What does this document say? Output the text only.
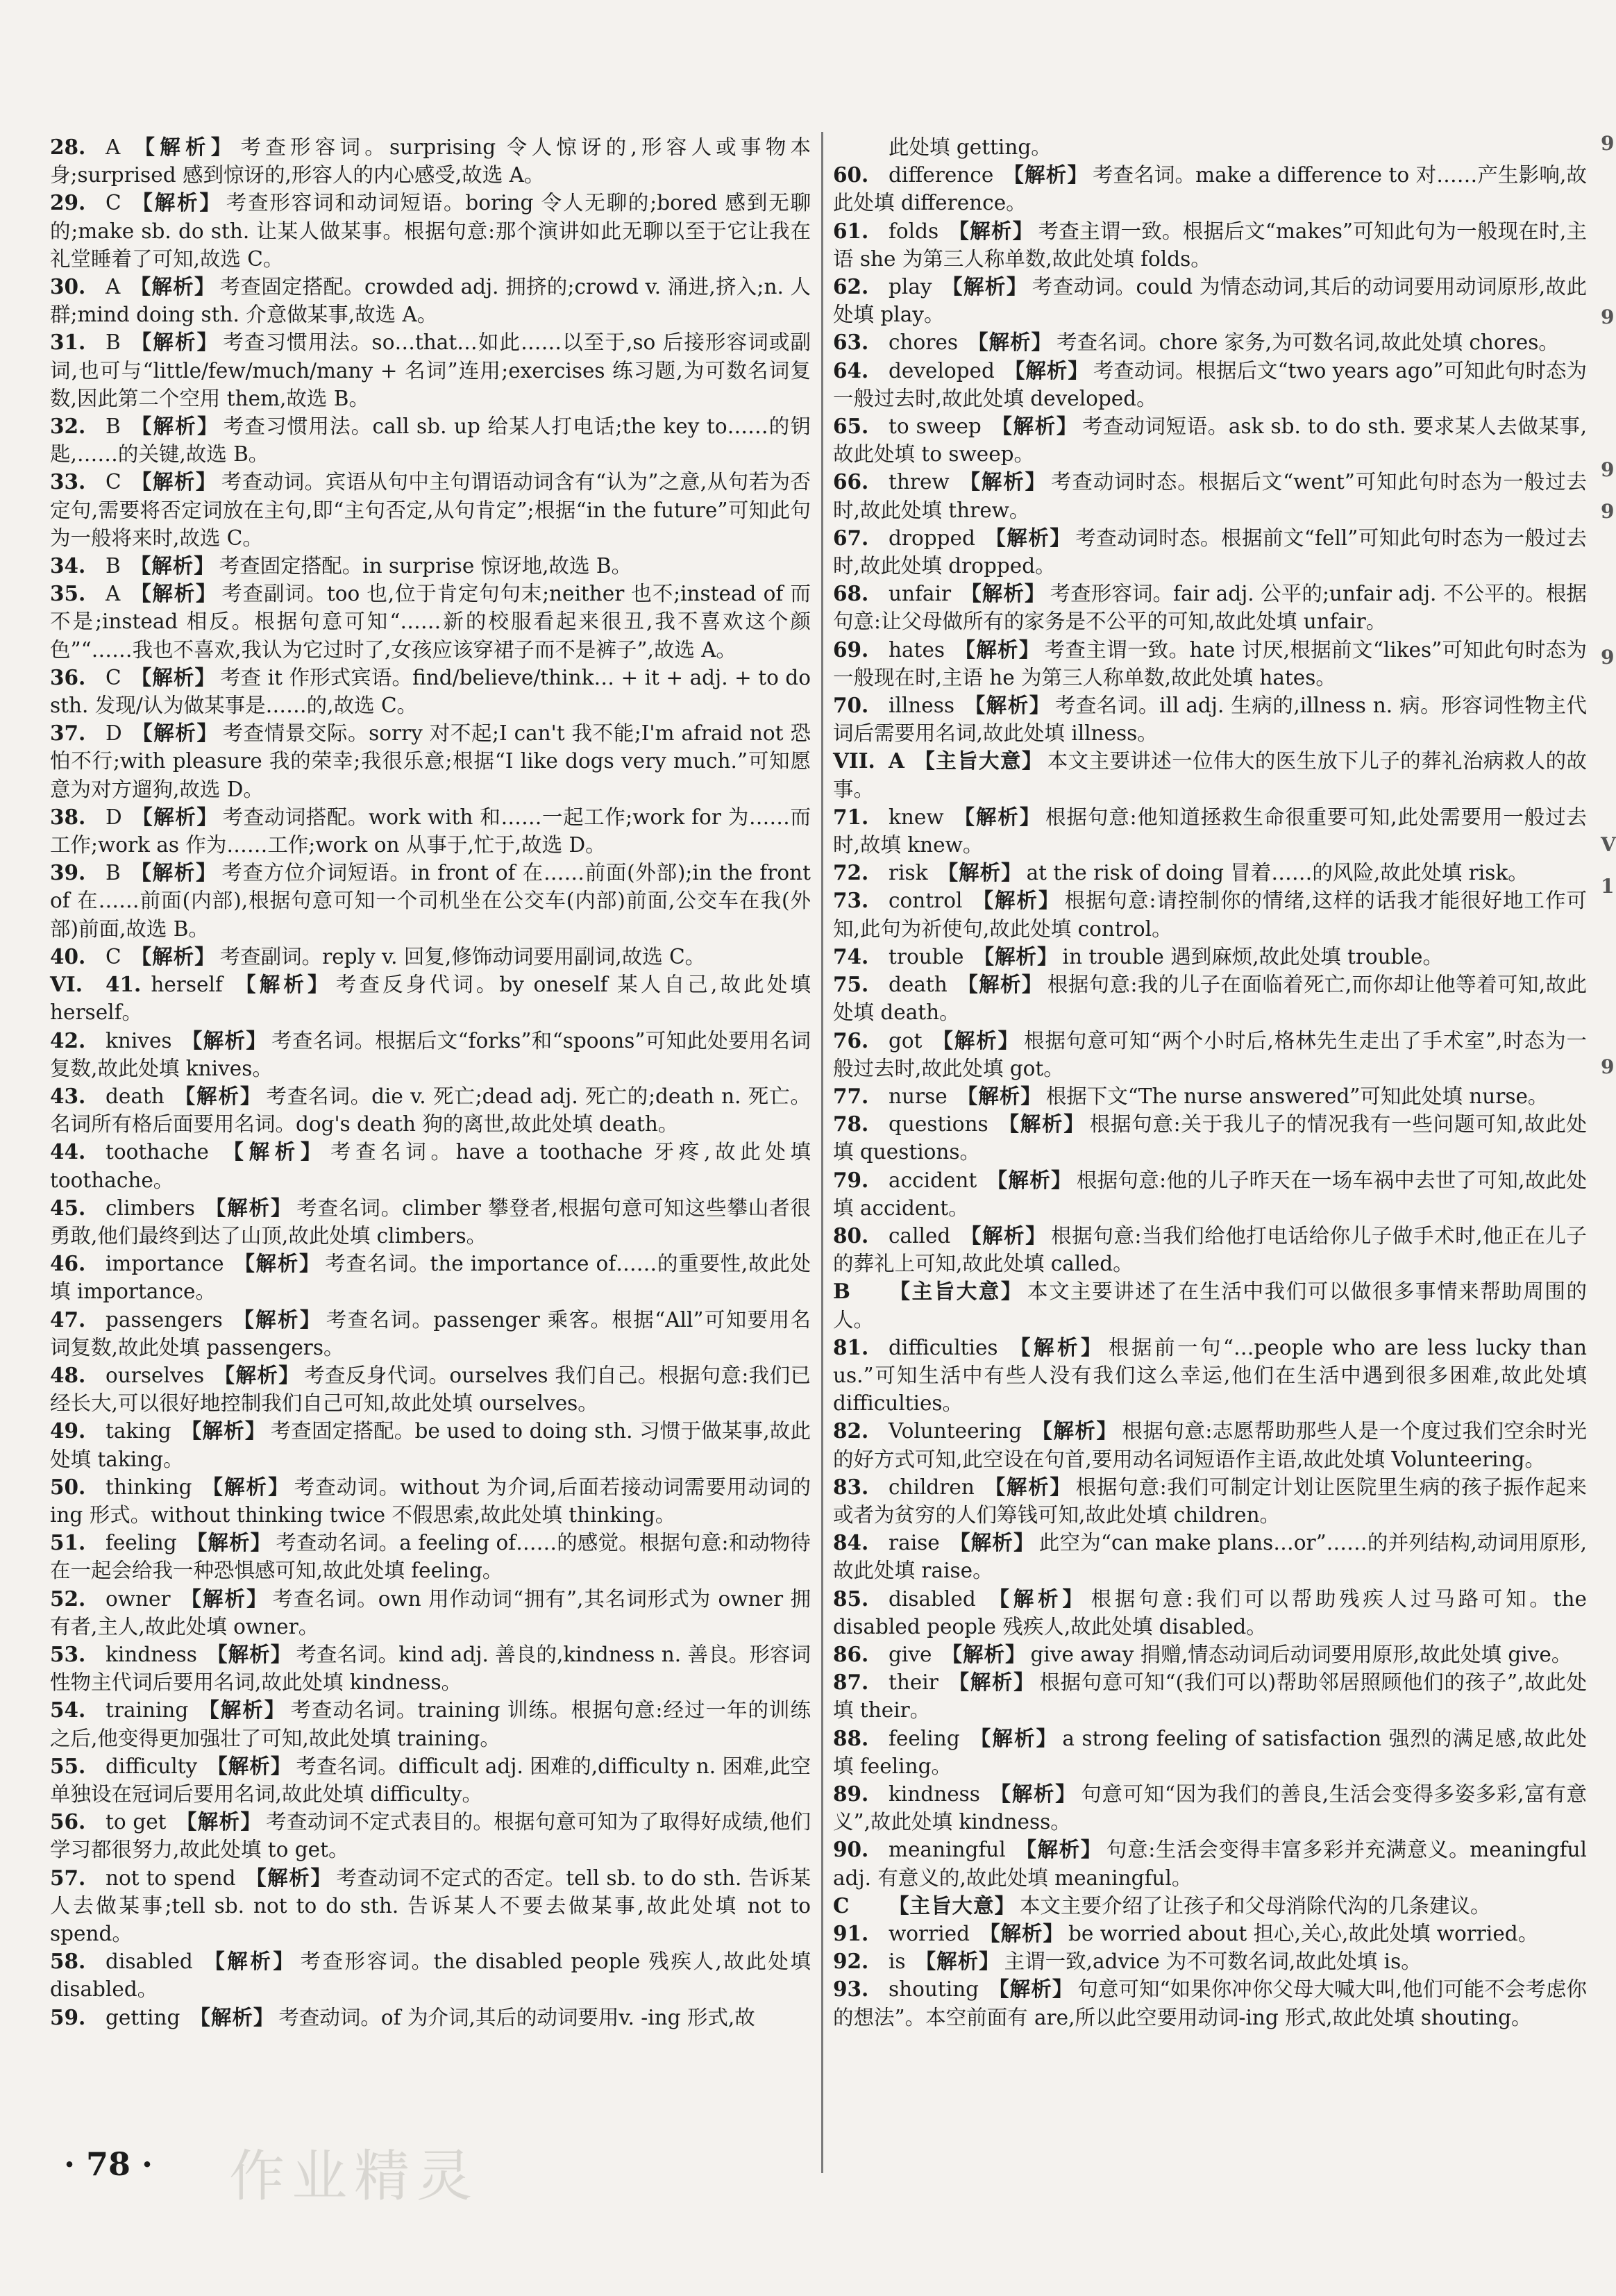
28. A 【解析】 考查形容词。surprising 令人惊讶的,形容人或事物本身;surprised 感到惊讶的,形容人的内心感受,故选 A。

29. C 【解析】 考查形容词和动词短语。boring 令人无聊的;bored 感到无聊的;make sb. do sth. 让某人做某事。根据句意:那个演讲如此无聊以至于它让我在礼堂睡着了可知,故选 C。

30. A 【解析】 考查固定搭配。crowded adj. 拥挤的;crowd v. 涌进,挤入;n. 人群;mind doing sth. 介意做某事,故选 A。

31. B 【解析】 考查习惯用法。so…that…如此……以至于,so 后接形容词或副词,也可与“little/few/much/many + 名词”连用;exercises 练习题,为可数名词复数,因此第二个空用 them,故选 B。

32. B 【解析】 考查习惯用法。call sb. up 给某人打电话;the key to……的钥匙,……的关键,故选 B。

33. C 【解析】 考查动词。宾语从句中主句谓语动词含有“认为”之意,从句若为否定句,需要将否定词放在主句,即“主句否定,从句肯定”;根据“in the future”可知此句为一般将来时,故选 C。

34. B 【解析】 考查固定搭配。in surprise 惊讶地,故选 B。

35. A 【解析】 考查副词。too 也,位于肯定句句末;neither 也不;instead of 而不是;instead 相反。根据句意可知“……新的校服看起来很丑,我不喜欢这个颜色”“……我也不喜欢,我认为它过时了,女孩应该穿裙子而不是裤子”,故选 A。

36. C 【解析】 考查 it 作形式宾语。find/believe/think… + it + adj. + to do sth. 发现/认为做某事是……的,故选 C。

37. D 【解析】 考查情景交际。sorry 对不起;I can't 我不能;I'm afraid not 恐怕不行;with pleasure 我的荣幸;我很乐意;根据“I like dogs very much.”可知愿意为对方遛狗,故选 D。

38. D 【解析】 考查动词搭配。work with 和……一起工作;work for 为……而工作;work as 作为……工作;work on 从事于,忙于,故选 D。

39. B 【解析】 考查方位介词短语。in front of 在……前面(外部);in the front of 在……前面(内部),根据句意可知一个司机坐在公交车(内部)前面,公交车在我(外部)前面,故选 B。

40. C 【解析】 考查副词。reply v. 回复,修饰动词要用副词,故选 C。

VI. 41. herself 【解析】 考查反身代词。by oneself 某人自己,故此处填 herself。

42. knives 【解析】 考查名词。根据后文“forks”和“spoons”可知此处要用名词复数,故此处填 knives。

43. death 【解析】 考查名词。die v. 死亡;dead adj. 死亡的;death n. 死亡。名词所有格后面要用名词。dog's death 狗的离世,故此处填 death。

44. toothache 【解析】 考查名词。have a toothache 牙疼,故此处填 toothache。

45. climbers 【解析】 考查名词。climber 攀登者,根据句意可知这些攀山者很勇敢,他们最终到达了山顶,故此处填 climbers。

46. importance 【解析】 考查名词。the importance of……的重要性,故此处填 importance。

47. passengers 【解析】 考查名词。passenger 乘客。根据“All”可知要用名词复数,故此处填 passengers。

48. ourselves 【解析】 考查反身代词。ourselves 我们自己。根据句意:我们已经长大,可以很好地控制我们自己可知,故此处填 ourselves。

49. taking 【解析】 考查固定搭配。be used to doing sth. 习惯于做某事,故此处填 taking。

50. thinking 【解析】 考查动词。without 为介词,后面若接动词需要用动词的 ing 形式。without thinking twice 不假思索,故此处填 thinking。

51. feeling 【解析】 考查动名词。a feeling of……的感觉。根据句意:和动物待在一起会给我一种恐惧感可知,故此处填 feeling。

52. owner 【解析】 考查名词。own 用作动词“拥有”,其名词形式为 owner 拥有者,主人,故此处填 owner。

53. kindness 【解析】 考查名词。kind adj. 善良的,kindness n. 善良。形容词性物主代词后要用名词,故此处填 kindness。

54. training 【解析】 考查动名词。training 训练。根据句意:经过一年的训练之后,他变得更加强壮了可知,故此处填 training。

55. difficulty 【解析】 考查名词。difficult adj. 困难的,difficulty n. 困难,此空单独设在冠词后要用名词,故此处填 difficulty。

56. to get 【解析】 考查动词不定式表目的。根据句意可知为了取得好成绩,他们学习都很努力,故此处填 to get。

57. not to spend 【解析】 考查动词不定式的否定。tell sb. to do sth. 告诉某人去做某事;tell sb. not to do sth. 告诉某人不要去做某事,故此处填 not to spend。

58. disabled 【解析】 考查形容词。the disabled people 残疾人,故此处填 disabled。

59. getting 【解析】 考查动词。of 为介词,其后的动词要用v. -ing 形式,故

此处填 getting。

60. difference 【解析】 考查名词。make a difference to 对……产生影响,故此处填 difference。

61. folds 【解析】 考查主谓一致。根据后文“makes”可知此句为一般现在时,主语 she 为第三人称单数,故此处填 folds。

62. play 【解析】 考查动词。could 为情态动词,其后的动词要用动词原形,故此处填 play。

63. chores 【解析】 考查名词。chore 家务,为可数名词,故此处填 chores。

64. developed 【解析】 考查动词。根据后文“two years ago”可知此句时态为一般过去时,故此处填 developed。

65. to sweep 【解析】 考查动词短语。ask sb. to do sth. 要求某人去做某事,故此处填 to sweep。

66. threw 【解析】 考查动词时态。根据后文“went”可知此句时态为一般过去时,故此处填 threw。

67. dropped 【解析】 考查动词时态。根据前文“fell”可知此句时态为一般过去时,故此处填 dropped。

68. unfair 【解析】 考查形容词。fair adj. 公平的;unfair adj. 不公平的。根据句意:让父母做所有的家务是不公平的可知,故此处填 unfair。

69. hates 【解析】 考查主谓一致。hate 讨厌,根据前文“likes”可知此句时态为一般现在时,主语 he 为第三人称单数,故此处填 hates。

70. illness 【解析】 考查名词。ill adj. 生病的,illness n. 病。形容词性物主代词后需要用名词,故此处填 illness。

VII. A 【主旨大意】 本文主要讲述一位伟大的医生放下儿子的葬礼治病救人的故事。

71. knew 【解析】 根据句意:他知道拯救生命很重要可知,此处需要用一般过去时,故填 knew。

72. risk 【解析】 at the risk of doing 冒着……的风险,故此处填 risk。

73. control 【解析】 根据句意:请控制你的情绪,这样的话我才能很好地工作可知,此句为祈使句,故此处填 control。

74. trouble 【解析】 in trouble 遇到麻烦,故此处填 trouble。

75. death 【解析】 根据句意:我的儿子在面临着死亡,而你却让他等着可知,故此处填 death。

76. got 【解析】 根据句意可知“两个小时后,格林先生走出了手术室”,时态为一般过去时,故此处填 got。

77. nurse 【解析】 根据下文“The nurse answered”可知此处填 nurse。

78. questions 【解析】 根据句意:关于我儿子的情况我有一些问题可知,故此处填 questions。

79. accident 【解析】 根据句意:他的儿子昨天在一场车祸中去世了可知,故此处填 accident。

80. called 【解析】 根据句意:当我们给他打电话给你儿子做手术时,他正在儿子的葬礼上可知,故此处填 called。

B 【主旨大意】 本文主要讲述了在生活中我们可以做很多事情来帮助周围的人。

81. difficulties 【解析】 根据前一句“…people who are less lucky than us.”可知生活中有些人没有我们这么幸运,他们在生活中遇到很多困难,故此处填 difficulties。

82. Volunteering 【解析】 根据句意:志愿帮助那些人是一个度过我们空余时光的好方式可知,此空设在句首,要用动名词短语作主语,故此处填 Volunteering。

83. children 【解析】 根据句意:我们可制定计划让医院里生病的孩子振作起来或者为贫穷的人们筹钱可知,故此处填 children。

84. raise 【解析】 此空为“can make plans…or”……的并列结构,动词用原形,故此处填 raise。

85. disabled 【解析】 根据句意:我们可以帮助残疾人过马路可知。the disabled people 残疾人,故此处填 disabled。

86. give 【解析】 give away 捐赠,情态动词后动词要用原形,故此处填 give。

87. their 【解析】 根据句意可知“(我们可以)帮助邻居照顾他们的孩子”,故此处填 their。

88. feeling 【解析】 a strong feeling of satisfaction 强烈的满足感,故此处填 feeling。

89. kindness 【解析】 句意可知“因为我们的善良,生活会变得多姿多彩,富有意义”,故此处填 kindness。

90. meaningful 【解析】 句意:生活会变得丰富多彩并充满意义。meaningful adj. 有意义的,故此处填 meaningful。

C 【主旨大意】 本文主要介绍了让孩子和父母消除代沟的几条建议。

91. worried 【解析】 be worried about 担心,关心,故此处填 worried。

92. is 【解析】 主谓一致,advice 为不可数名词,故此处填 is。

93. shouting 【解析】 句意可知“如果你冲你父母大喊大叫,他们可能不会考虑你的想法”。本空前面有 are,所以此空要用动词-ing 形式,故此处填 shouting。

9
9
9
9
9
V
1
9
· 78 · 作业精灵
